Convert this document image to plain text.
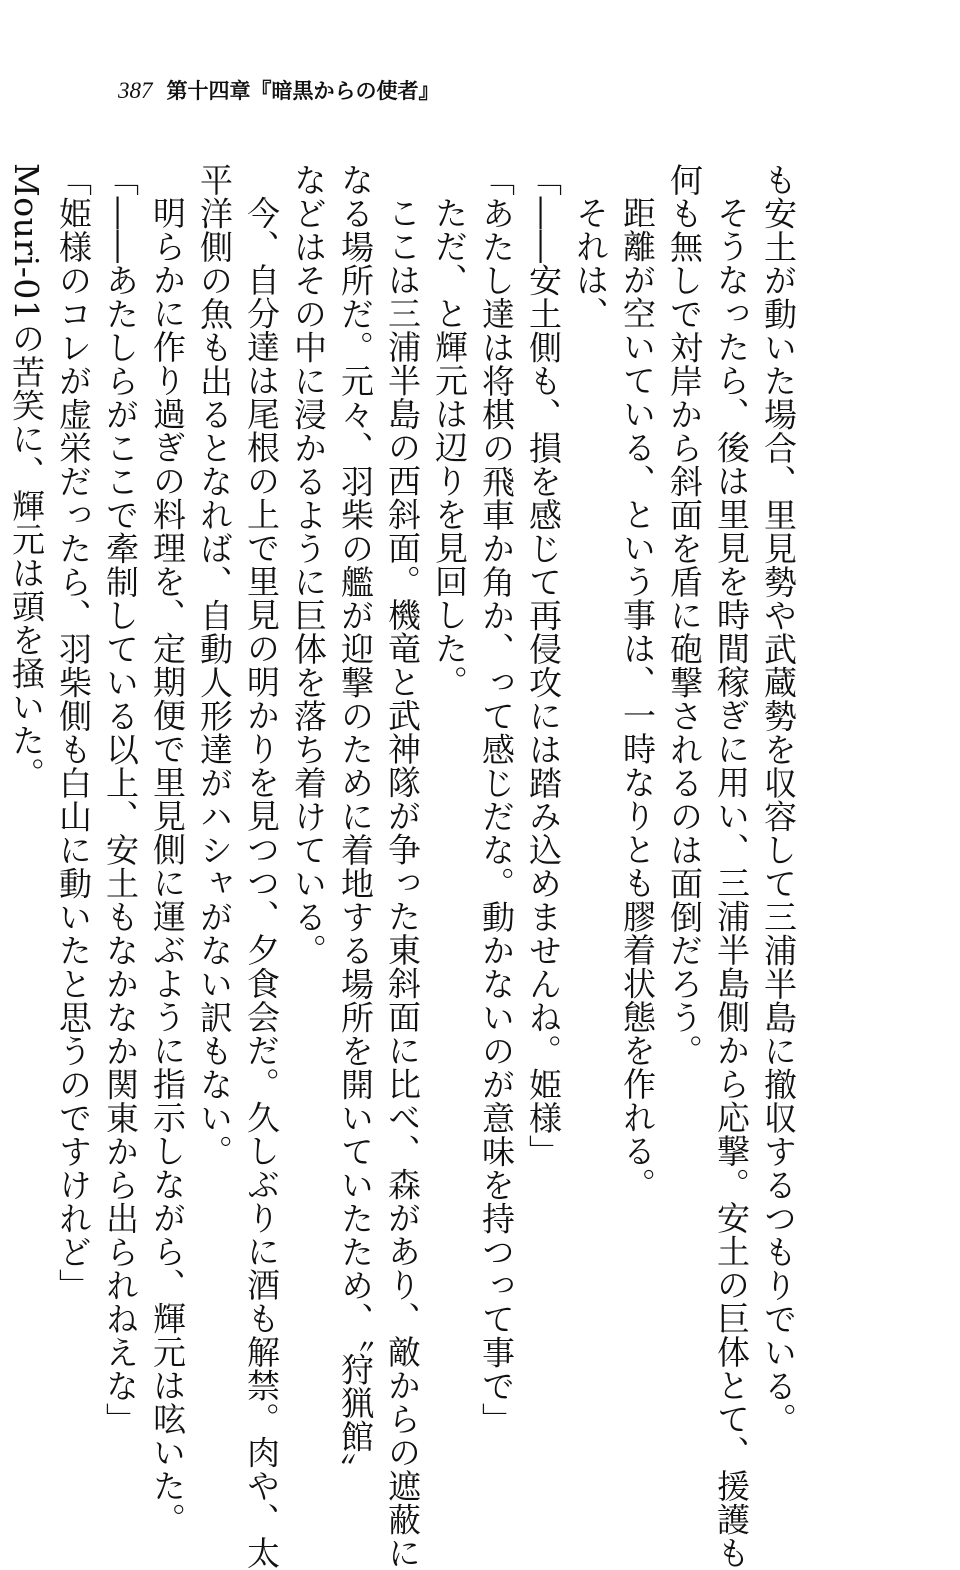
387 第十四章『暗黒からの使者』
も安土が動いた場合、里見勢や武蔵勢を収容して三浦半島に撤収するつもりでいる。
そうなったら、後は里見を時間稼ぎに用い、三浦半島側から応撃。安土の巨体とて、援護も
何も無しで対岸から斜面を盾に砲撃されるのは面倒だろう。
距離が空いている、という事は、一時なりとも膠着状態を作れる。
それは、
「――安土側も、損を感じて再侵攻には踏み込めませんね。姫様」
「あたし達は将棋の飛車か角か、って感じだな。動かないのが意味を持つって事で」
ただ、と輝元は辺りを見回した。
ここは三浦半島の西斜面。機竜と武神隊が争った東斜面に比べ、森があり、敵からの遮蔽に
なる場所だ。元々、羽柴の艦が迎撃のために着地する場所を開いていたため、〝狩猟館〟
などはその中に浸かるように巨体を落ち着けている。
今、自分達は尾根の上で里見の明かりを見つつ、夕食会だ。久しぶりに酒も解禁。肉や、太
平洋側の魚も出るとなれば、自動人形達がハシャがない訳もない。
明らかに作り過ぎの料理を、定期便で里見側に運ぶように指示しながら、輝元は呟いた。
「――あたしらがここで牽制している以上、安土もなかなか関東から出られねえな」
「姫様のコレが虚栄だったら、羽柴側も白山に動いたと思うのですけれど」
Mouri-01の苦笑に、輝元は頭を掻いた。
